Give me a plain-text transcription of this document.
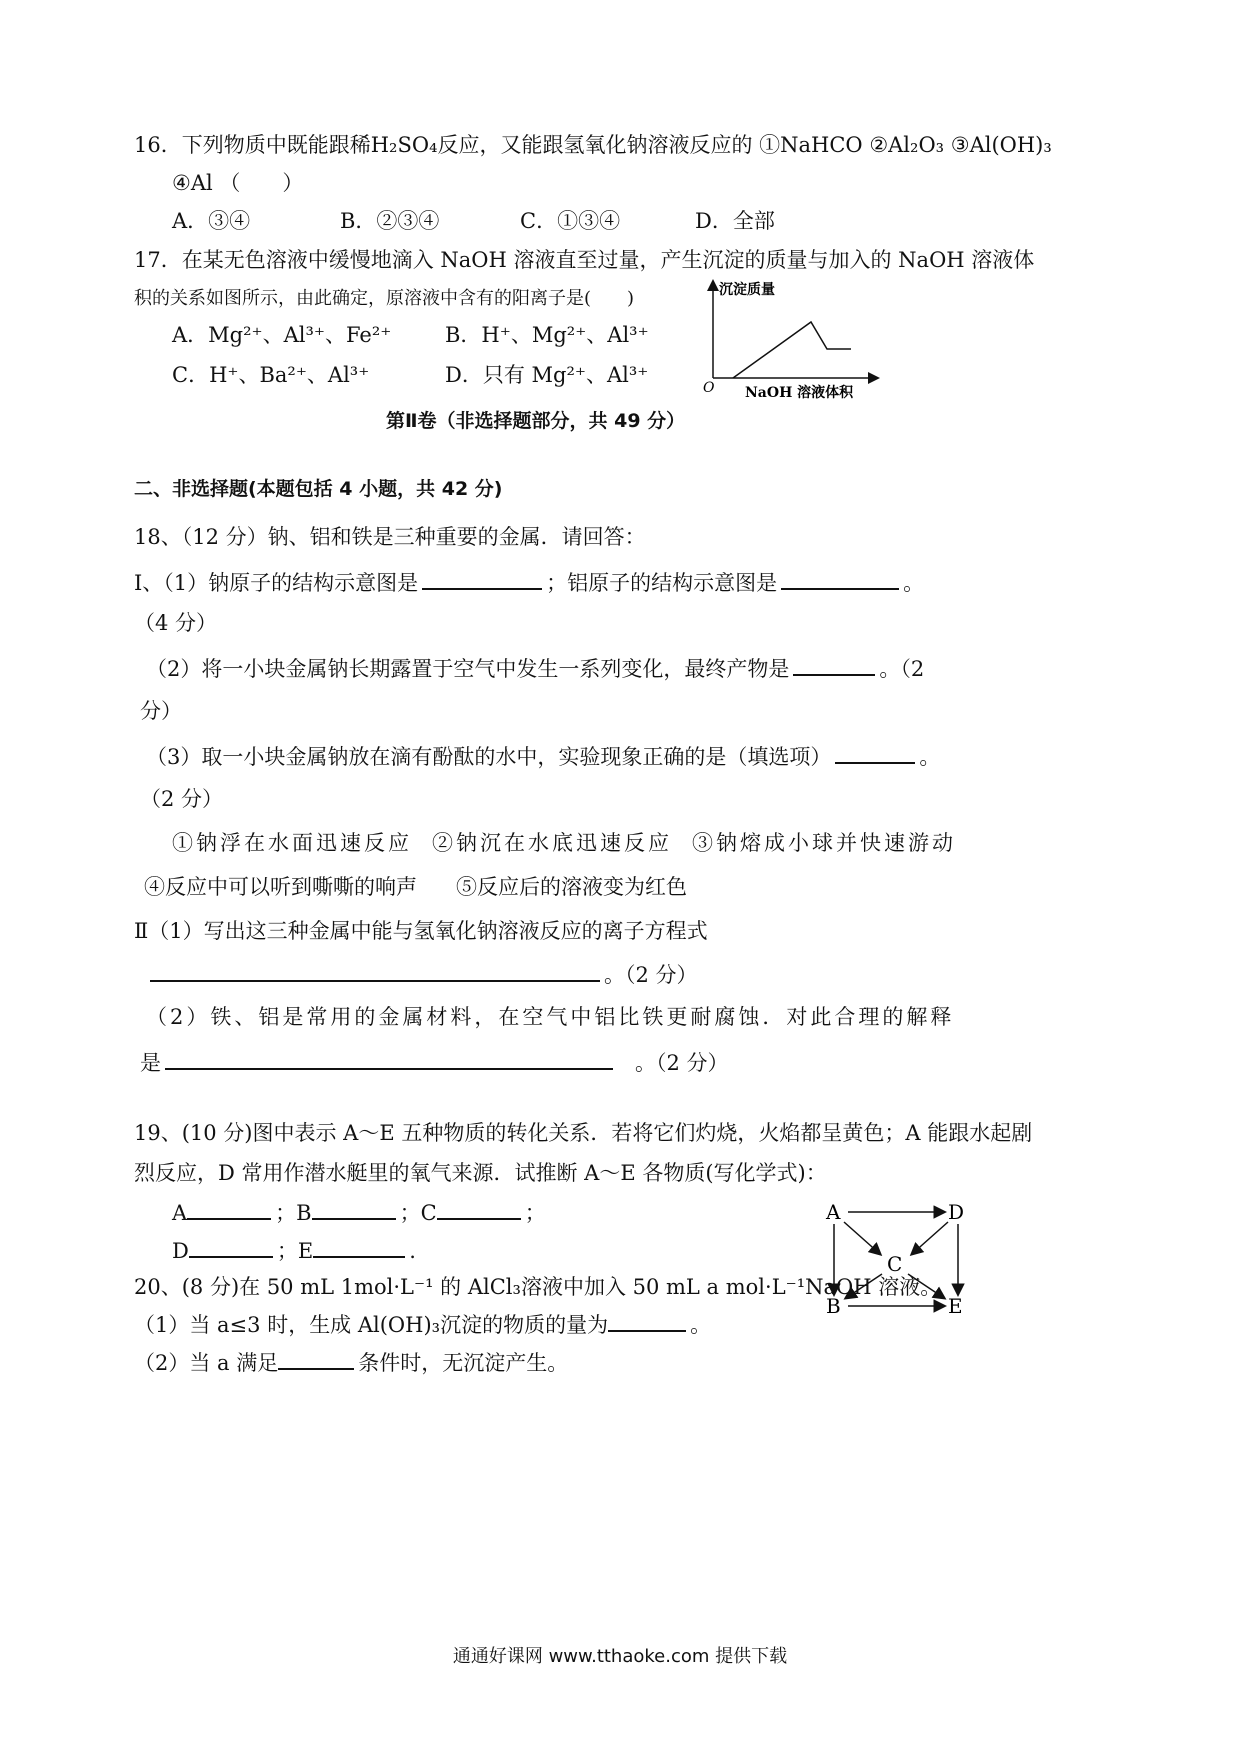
16．下列物质中既能跟稀H₂SO₄反应，又能跟氢氧化钠溶液反应的 ①NaHCO ②Al₂O₃ ③Al(OH)₃
④Al （　　）
A．③④	B．②③④	C．①③④	D．全部
17．在某无色溶液中缓慢地滴入 NaOH 溶液直至过量，产生沉淀的质量与加入的 NaOH 溶液体
积的关系如图所示，由此确定，原溶液中含有的阳离子是(　　)
A．Mg²⁺、Al³⁺、Fe²⁺	B．H⁺、Mg²⁺、Al³⁺
C．H⁺、Ba²⁺、Al³⁺	D．只有 Mg²⁺、Al³⁺
沉淀质量
NaOH 溶液体积
O
第Ⅱ卷（非选择题部分，共 49 分）
二、非选择题(本题包括 4 小题，共 42 分)
18、（12 分）钠、铝和铁是三种重要的金属．请回答：
Ⅰ、（1）钠原子的结构示意图是	；铝原子的结构示意图是	。
（4 分）
（2）将一小块金属钠长期露置于空气中发生一系列变化，最终产物是	。（2
分）
（3）取一小块金属钠放在滴有酚酞的水中，实验现象正确的是（填选项）	。
（2 分）
①钠浮在水面迅速反应 ②钠沉在水底迅速反应 ③钠熔成小球并快速游动
④反应中可以听到嘶嘶的响声 ⑤反应后的溶液变为红色
Ⅱ（1）写出这三种金属中能与氢氧化钠溶液反应的离子方程式
。（2 分）
（2）铁、铝是常用的金属材料，在空气中铝比铁更耐腐蚀．对此合理的解释
是	。（2 分）
19、(10 分)图中表示 A～E 五种物质的转化关系．若将它们灼烧，火焰都呈黄色；A 能跟水起剧
烈反应，D 常用作潜水艇里的氧气来源．试推断 A～E 各物质(写化学式)：
A	；B	；C	；
D	；E	.
A	D
C
B	E
20、(8 分)在 50 mL 1mol·L⁻¹ 的 AlCl₃溶液中加入 50 mL a mol·L⁻¹NaOH 溶液。
（1）当 a≤3 时，生成 Al(OH)₃沉淀的物质的量为	。
（2）当 a 满足	条件时，无沉淀产生。
通通好课网 www.tthaoke.com 提供下载
